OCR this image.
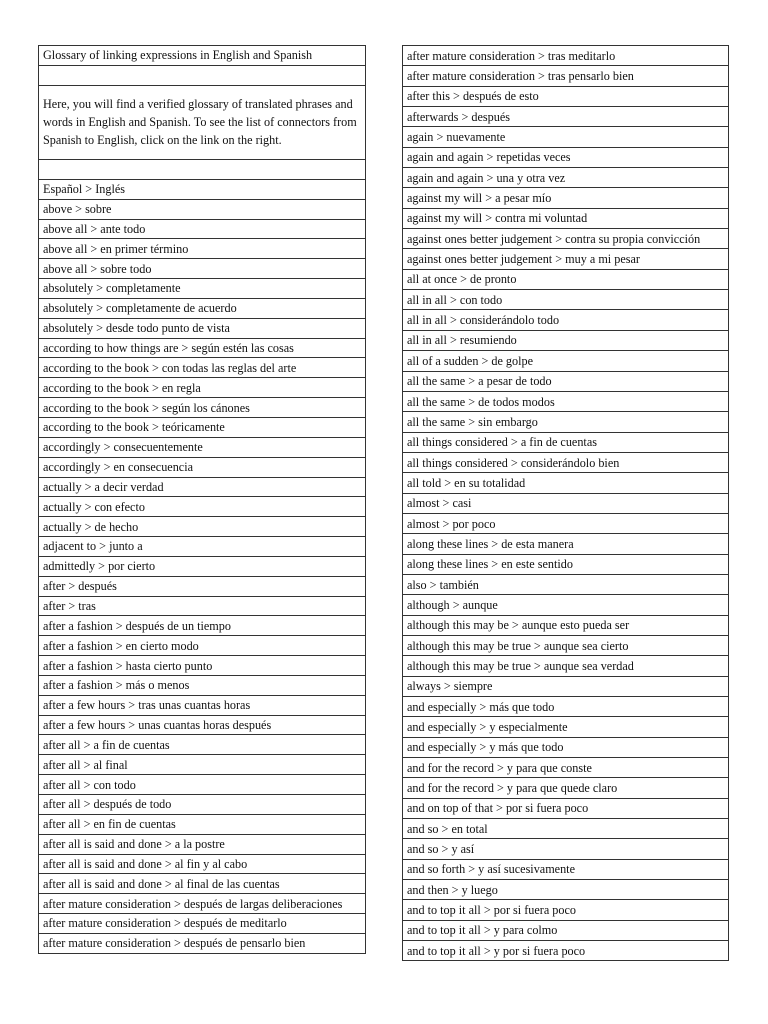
Glossary of linking expressions in English and Spanish

Here, you will find a verified glossary of translated phrases and words in English and Spanish. To see the list of connectors from Spanish to English, click on the link on the right.

Español > Inglés
above > sobre
above all > ante todo
above all > en primer término
above all > sobre todo
absolutely > completamente
absolutely > completamente de acuerdo
absolutely > desde todo punto de vista
according to how things are > según estén las cosas
according to the book > con todas las reglas del arte
according to the book > en regla
according to the book > según los cánones
according to the book > teóricamente
accordingly > consecuentemente
accordingly > en consecuencia
actually > a decir verdad
actually > con efecto
actually > de hecho
adjacent to > junto a
admittedly > por cierto
after > después
after > tras
after a fashion > después de un tiempo
after a fashion > en cierto modo
after a fashion > hasta cierto punto
after a fashion > más o menos
after a few hours > tras unas cuantas horas
after a few hours > unas cuantas horas después
after all > a fin de cuentas
after all > al final
after all > con todo
after all > después de todo
after all > en fin de cuentas
after all is said and done > a la postre
after all is said and done > al fin y al cabo
after all is said and done > al final de las cuentas
after mature consideration > después de largas deliberaciones
after mature consideration > después de meditarlo
after mature consideration > después de pensarlo bien
after mature consideration > tras meditarlo
after mature consideration > tras pensarlo bien
after this > después de esto
afterwards > después
again > nuevamente
again and again > repetidas veces
again and again > una y otra vez
against my will > a pesar mío
against my will > contra mi voluntad
against ones better judgement > contra su propia convicción
against ones better judgement > muy a mi pesar
all at once > de pronto
all in all > con todo
all in all > considerándolo todo
all in all > resumiendo
all of a sudden > de golpe
all the same > a pesar de todo
all the same > de todos modos
all the same > sin embargo
all things considered > a fin de cuentas
all things considered > considerándolo bien
all told > en su totalidad
almost > casi
almost > por poco
along these lines > de esta manera
along these lines > en este sentido
also > también
although > aunque
although this may be > aunque esto pueda ser
although this may be true > aunque sea cierto
although this may be true > aunque sea verdad
always > siempre
and especially > más que todo
and especially > y especialmente
and especially > y más que todo
and for the record > y para que conste
and for the record > y para que quede claro
and on top of that > por si fuera poco
and so > en total
and so > y así
and so forth > y así sucesivamente
and then > y luego
and to top it all > por si fuera poco
and to top it all > y para colmo
and to top it all > y por si fuera poco
